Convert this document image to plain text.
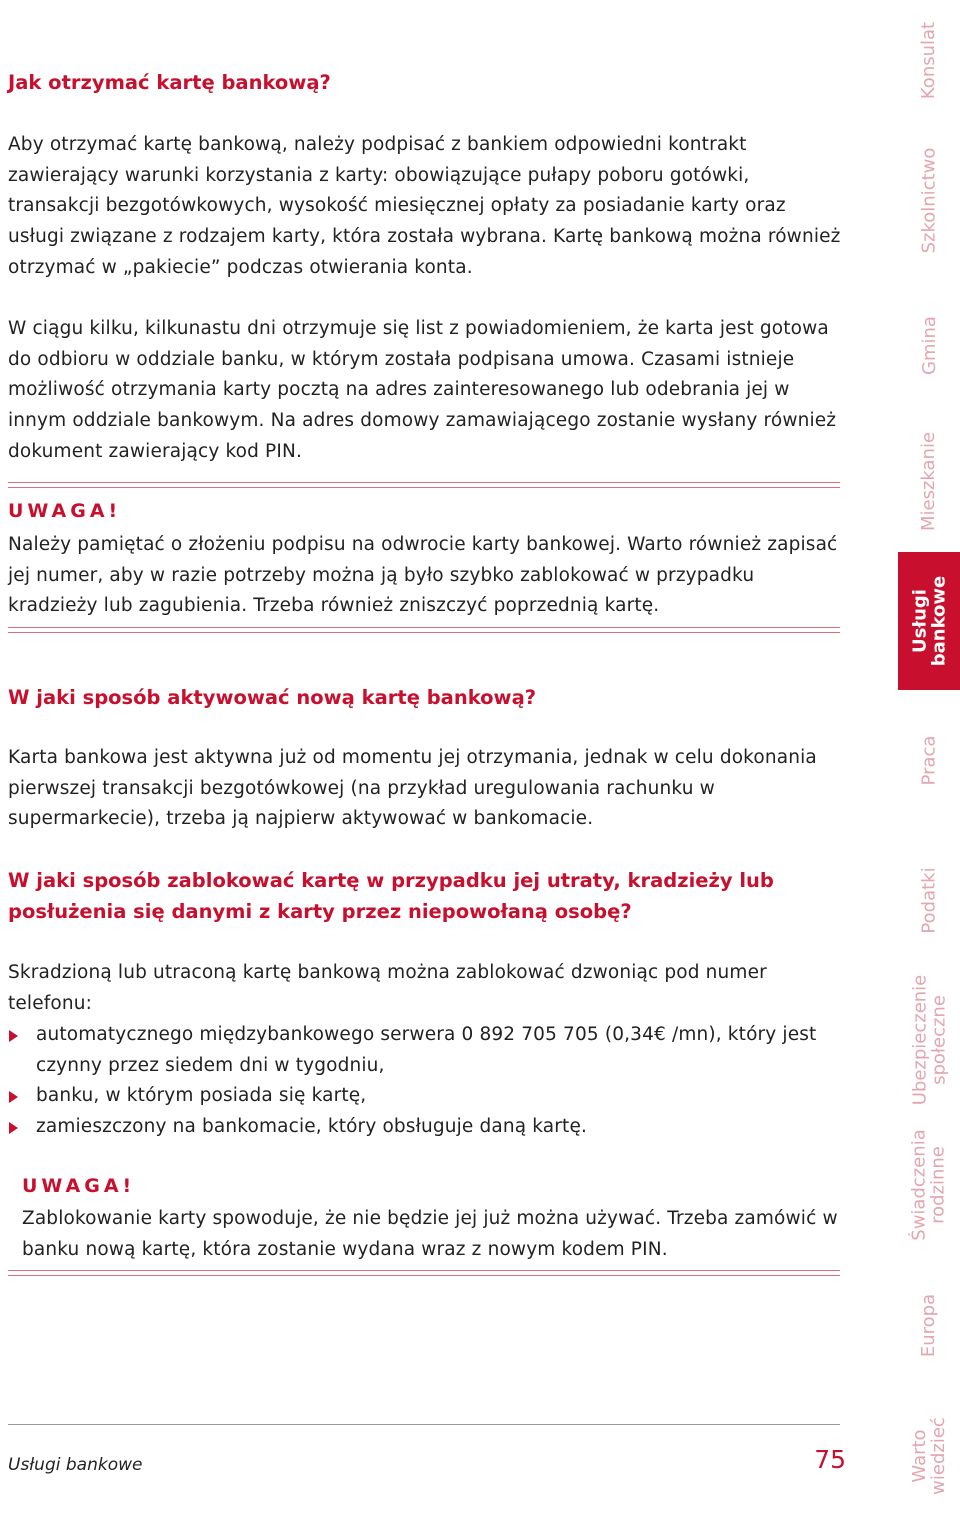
Jak otrzymać kartę bankową?

Aby otrzymać kartę bankową, należy podpisać z bankiem odpowiedni kontrakt zawierający warunki korzystania z karty: obowiązujące pułapy poboru gotówki, transakcji bezgotówkowych, wysokość miesięcznej opłaty za posiadanie karty oraz usługi związane z rodzajem karty, która została wybrana. Kartę bankową można również otrzymać w „pakiecie” podczas otwierania konta.

W ciągu kilku, kilkunastu dni otrzymuje się list z powiadomieniem, że karta jest gotowa do odbioru w oddziale banku, w którym została podpisana umowa. Czasami istnieje możliwość otrzymania karty pocztą na adres zainteresowanego lub odebrania jej w innym oddziale bankowym. Na adres domowy zamawiającego zostanie wysłany również dokument zawierający kod PIN.

UWAGA!

Należy pamiętać o złożeniu podpisu na odwrocie karty bankowej. Warto również zapisać jej numer, aby w razie potrzeby można ją było szybko zablokować w przypadku kradzieży lub zagubienia. Trzeba również zniszczyć poprzednią kartę.

W jaki sposób aktywować nową kartę bankową?

Karta bankowa jest aktywna już od momentu jej otrzymania, jednak w celu dokonania pierwszej transakcji bezgotówkowej (na przykład uregulowania rachunku w supermarkecie), trzeba ją najpierw aktywować w bankomacie.

W jaki sposób zablokować kartę w przypadku jej utraty, kradzieży lub posłużenia się danymi z karty przez niepowołaną osobę?

Skradzioną lub utraconą kartę bankową można zablokować dzwoniąc pod numer telefonu:

automatycznego międzybankowego serwera 0 892 705 705 (0,34€ /mn), który jest czynny przez siedem dni w tygodniu,
banku, w którym posiada się kartę,
zamieszczony na bankomacie, który obsługuje daną kartę.
UWAGA!

Zablokowanie karty spowoduje, że nie będzie jej już można używać. Trzeba zamówić w banku nową kartę, która zostanie wydana wraz z nowym kodem PIN.

Usługi bankowe	75
Konsulat
Szkolnictwo
Gmina
Mieszkanie
Usługi
bankowe
Praca
Podatki
Ubezpieczenie
społeczne
Świadczenia
rodzinne
Europa
Warto
wiedzieć
